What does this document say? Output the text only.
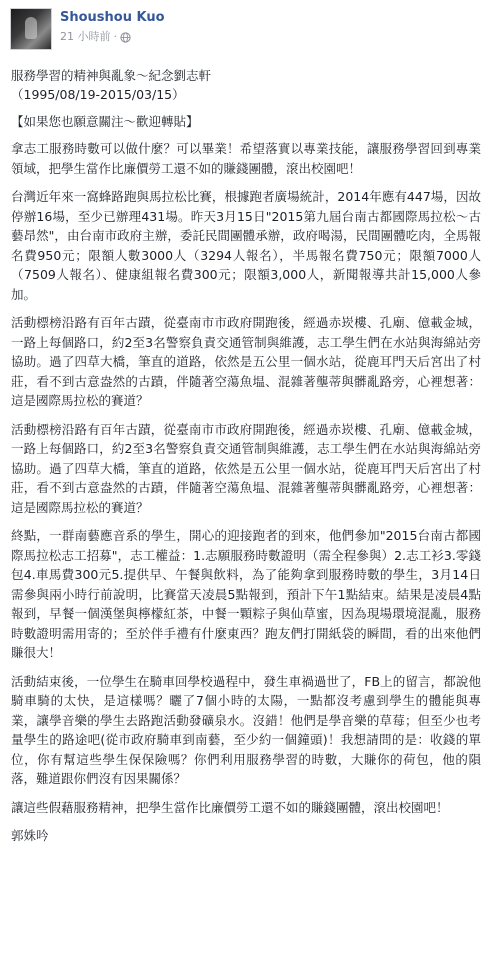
Shoushou Kuo
21 小時前 ·

服務學習的精神與亂象～紀念劉志軒

（1995/08/19-2015/03/15）

【如果您也願意關注～歡迎轉貼】

拿志工服務時數可以做什麼？可以畢業！希望落實以專業技能，讓服務學習回到專業領域，把學生當作比廉價勞工還不如的賺錢團體，滾出校園吧！

台灣近年來一窩蜂路跑與馬拉松比賽，根據跑者廣場統計，2014年應有447場，因故停辦16場，至少已辦理431場。昨天3月15日"2015第九屆台南古都國際馬拉松～古藝昂然"，由台南市政府主辦，委託民間團體承辦，政府喝湯，民間團體吃肉，全馬報名費950元；限額人數3000人（3294人報名），半馬報名費750元；限額7000人（7509人報名）、健康組報名費300元；限額3,000人，新聞報導共計15,000人參加。

活動標榜沿路有百年古蹟，從臺南市市政府開跑後，經過赤崁樓、孔廟、億載金城，一路上每個路口，約2至3名警察負責交通管制與維護，志工學生們在水站與海綿站旁協助。過了四草大橋，筆直的道路，依然是五公里一個水站，從鹿耳門天后宮出了村莊，看不到古意盎然的古蹟，伴隨著空蕩魚塭、混雜著壟蒂與髒亂路旁，心裡想著：這是國際馬拉松的賽道？

活動標榜沿路有百年古蹟，從臺南市市政府開跑後，經過赤崁樓、孔廟、億載金城，一路上每個路口，約2至3名警察負責交通管制與維護，志工學生們在水站與海綿站旁協助。過了四草大橋，筆直的道路，依然是五公里一個水站，從鹿耳門天后宮出了村莊，看不到古意盎然的古蹟，伴隨著空蕩魚塭、混雜著壟蒂與髒亂路旁，心裡想著：這是國際馬拉松的賽道？

終點，一群南藝應音系的學生，開心的迎接跑者的到來，他們參加"2015台南古都國際馬拉松志工招募"，志工權益：1.志願服務時數證明（需全程參與）2.志工衫3.零錢包4.車馬費300元5.提供早、午餐與飲料，為了能夠拿到服務時數的學生，3月14日需參與兩小時行前說明，比賽當天凌晨5點報到，預計下午1點結束。結果是凌晨4點報到，早餐一個漢堡與檸檬紅茶，中餐一顆粽子與仙草蜜，因為現場環境混亂，服務時數證明需用寄的；至於伴手禮有什麼東西？跑友們打開紙袋的瞬間，看的出來他們賺很大！

活動結束後，一位學生在騎車回學校過程中，發生車禍過世了，FB上的留言，都說他騎車騎的太快，是這樣嗎？曬了7個小時的太陽，一點都沒考慮到學生的體能與專業，讓學音樂的學生去路跑活動發礦泉水。沒錯！他們是學音樂的草莓；但至少也考量學生的路途吧(從市政府騎車到南藝，至少約一個鐘頭)！我想請問的是：收錢的單位，你有幫這些學生保保險嗎？你們利用服務學習的時數，大賺你的荷包，他的隕落，難道跟你們沒有因果關係？

讓這些假藉服務精神，把學生當作比廉價勞工還不如的賺錢團體，滾出校園吧！

郭姝吟
